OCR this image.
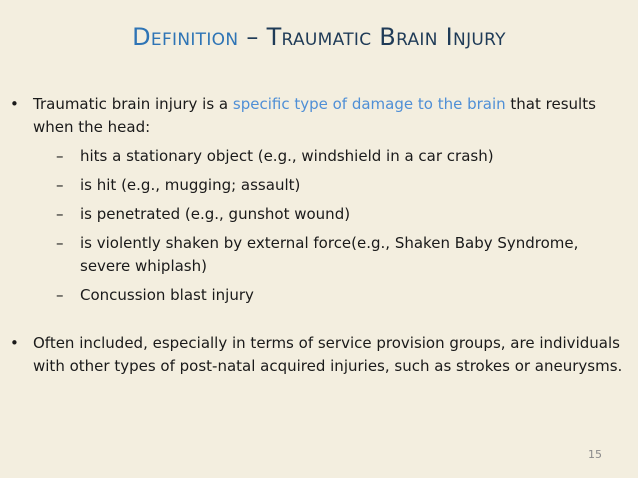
Definition – Traumatic Brain Injury
• Traumatic brain injury is a specific type of damage to the brain that results when the head:
– hits a stationary object (e.g., windshield in a car crash)
– is hit (e.g., mugging; assault)
– is penetrated (e.g., gunshot wound)
– is violently shaken by external force(e.g., Shaken Baby Syndrome, severe whiplash)
– Concussion blast injury
• Often included, especially in terms of service provision groups, are individuals with other types of post-natal acquired injuries, such as strokes or aneurysms.
15
